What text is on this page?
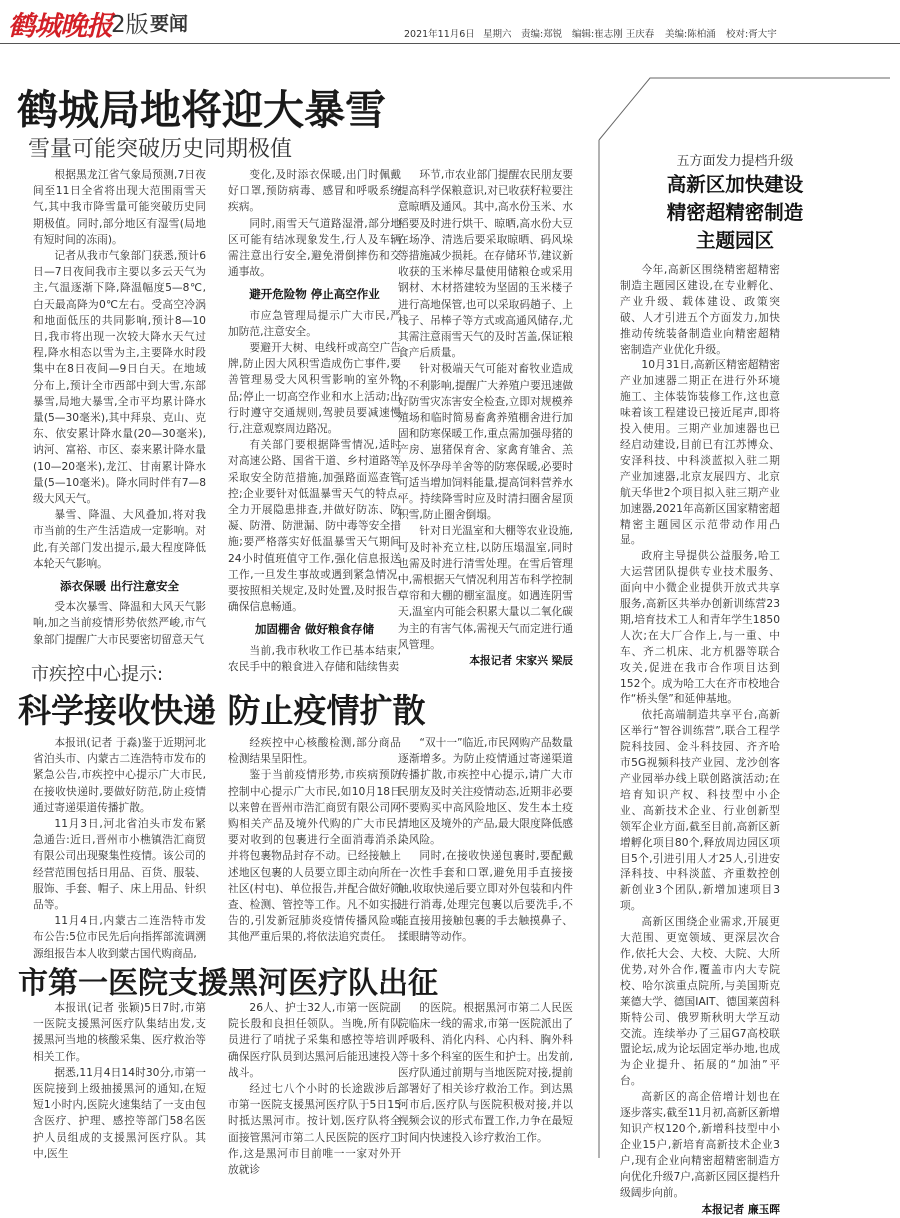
鹤城晚报 2版 要闻	2021年11月6日 星期六 责编:郑锐 编辑:崔志刚 王庆春 美编:陈柏涌 校对:胥大宇
鹤城局地将迎大暴雪
雪量可能突破历史同期极值

根据黑龙江省气象局预测,7日夜间至11日全省将出现大范围雨雪天气,其中我市降雪量可能突破历史同期极值。同时,部分地区有湿雪(局地有短时间的冻雨)。

记者从我市气象部门获悉,预计6日—7日夜间我市主要以多云天气为主,气温逐渐下降,降温幅度5—8℃,白天最高降为0℃左右。受高空冷涡和地面低压的共同影响,预计8—10日,我市将出现一次较大降水天气过程,降水相态以雪为主,主要降水时段集中在8日夜间—9日白天。在地域分布上,预计全市西部中到大雪,东部暴雪,局地大暴雪,全市平均累计降水量(5—30毫米),其中拜泉、克山、克东、依安累计降水量(20—30毫米),讷河、富裕、市区、泰来累计降水量(10—20毫米),龙江、甘南累计降水量(5—10毫米)。降水同时伴有7—8级大风天气。

暴雪、降温、大风叠加,将对我市当前的生产生活造成一定影响。对此,有关部门发出提示,最大程度降低本轮天气影响。

添衣保暖 出行注意安全

受本次暴雪、降温和大风天气影响,加之当前疫情形势依然严峻,市气象部门提醒广大市民要密切留意天气

变化,及时添衣保暖,出门时佩戴好口罩,预防病毒、感冒和呼吸系统疾病。

同时,雨雪天气道路湿滑,部分地区可能有结冰现象发生,行人及车辆需注意出行安全,避免滑倒摔伤和交通事故。

避开危险物 停止高空作业

市应急管理局提示广大市民,严加防范,注意安全。

要避开大树、电线杆或高空广告牌,防止因大风积雪造成伤亡事件,要善管理易受大风积雪影响的室外物品;停止一切高空作业和水上活动;出行时遵守交通规则,驾驶员要减速慢行,注意观察周边路况。

有关部门要根据降雪情况,适时对高速公路、国省干道、乡村道路等采取安全防范措施,加强路面巡查管控;企业要针对低温暴雪天气的特点,全力开展隐患排查,并做好防冻、防凝、防滑、防泄漏、防中毒等安全措施;要严格落实好低温暴雪天气期间24小时值班值守工作,强化信息报送工作,一旦发生事故或遇到紧急情况,要按照相关规定,及时处置,及时报告,确保信息畅通。

加固棚舍 做好粮食存储

当前,我市秋收工作已基本结束,农民手中的粮食进入存储和陆续售卖

环节,市农业部门提醒农民朋友要提高科学保粮意识,对已收获籽粒要注意晾晒及通风。其中,高水份玉米、水稻要及时进行烘干、晾晒,高水份大豆在场净、清选后要采取晾晒、码风垛等措施减少损耗。在存储环节,建议新收获的玉米棒尽量使用储粮仓或采用钢材、木材搭建较为坚固的玉米楼子进行高地保管,也可以采取码趟子、上栈子、吊棒子等方式或高通风储存,尤其需注意雨雪天气的及时苫盖,保证粮食产后质量。

针对极端天气可能对畜牧业造成的不利影响,提醒广大养殖户要迅速做好防雪灾冻害安全检查,立即对规模养殖场和临时简易畜禽养殖棚舍进行加固和防寒保暖工作,重点需加强母猪的产房、崽猪保育舍、家禽育雏舍、羔羊及怀孕母羊舍等的防寒保暖,必要时可适当增加饲料能量,提高饲料营养水平。持续降雪时应及时清扫圈舍屋顶积雪,防止圈舍倒塌。

针对日光温室和大棚等农业设施,可及时补充立柱,以防压塌温室,同时也需及时进行清雪处理。在雪后管理中,需根据天气情况利用苫布科学控制草帘和大棚的棚室温度。如遇连阴雪天,温室内可能会积累大量以二氧化碳为主的有害气体,需视天气而定进行通风管理。

本报记者 宋家兴 梁辰
五方面发力提档升级
高新区加快建设
精密超精密制造
主题园区

今年,高新区围绕精密超精密制造主题园区建设,在专业孵化、产业升级、载体建设、政策突破、人才引进五个方面发力,加快推动传统装备制造业向精密超精密制造产业优化升级。

10月31日,高新区精密超精密产业加速器二期正在进行外环境施工、主体装饰装修工作,这也意味着该工程建设已接近尾声,即将投入使用。三期产业加速器也已经启动建设,目前已有江苏博众、安泽科技、中科淡蓝拟入驻二期产业加速器,北京友展四方、北京航天华世2个项目拟入驻三期产业加速器,2021年高新区国家精密超精密主题园区示范带动作用凸显。

政府主导提供公益服务,哈工大运营团队提供专业技术服务、面向中小微企业提供开放式共享服务,高新区共举办创新训练营23期,培育技术工人和青年学生1850人次;在大厂合作上,与一重、中车、齐二机床、北方机器等联合攻关,促进在我市合作项目达到152个。成为哈工大在齐市校地合作“桥头堡”和延伸基地。

依托高端制造共享平台,高新区举行“智谷训练营”,联合工程学院科技园、金斗科技园、齐齐哈市5G视频科技产业园、龙沙创客产业园举办线上联创路演活动;在培育知识产权、科技型中小企业、高新技术企业、行业创新型领军企业方面,截至目前,高新区新增孵化项目80个,释放周边园区项目5个,引进引用人才25人,引进安泽科技、中科淡蓝、齐重数控创新创业3个团队,新增加速项目3项。

高新区围绕企业需求,开展更大范围、更宽领域、更深层次合作,依托大会、大校、大院、大所优势,对外合作,覆盖市内大专院校、哈尔滨重点院所,与美国斯克莱德大学、德国IAIT、德国莱茵科斯特公司、俄罗斯秋明大学互动交流。连续举办了三届G7高校联盟论坛,成为论坛固定举办地,也成为企业提升、拓展的“加油”平台。

高新区的高企倍增计划也在逐步落实,截至11月初,高新区新增知识产权120个,新增科技型中小企业15户,新培育高新技术企业3户,现有企业向精密超精密制造方向优化升级7户,高新区园区提档升级阔步向前。

本报记者 廉玉晖
市疾控中心提示:
科学接收快递 防止疫情扩散

本报讯(记者 于淼)鉴于近期河北省泊头市、内蒙古二连浩特市发布的紧急公告,市疾控中心提示广大市民,在接收快递时,要做好防范,防止疫情通过寄递渠道传播扩散。

11月3日,河北省泊头市发布紧急通告:近日,晋州市小樵镇浩汇商贸有限公司出现聚集性疫情。该公司的经营范围包括日用品、百货、服装、服饰、手套、帽子、床上用品、针织品等。

11月4日,内蒙古二连浩特市发布公告:5位市民先后向指挥部流调溯源组报告本人收到蒙古国代购商品,

经疾控中心核酸检测,部分商品检测结果呈阳性。

鉴于当前疫情形势,市疾病预防控制中心提示广大市民,如10月18日以来曾在晋州市浩汇商贸有限公司网购相关产品及境外代购的广大市民,要对收到的包裹进行全面消毒消杀,并将包裹物品封存不动。已经接触上述地区包裹的人员要立即主动向所在社区(村屯)、单位报告,并配合做好筛查、检测、管控等工作。凡不如实报告的,引发新冠肺炎疫情传播风险或其他严重后果的,将依法追究责任。

“双十一”临近,市民网购产品数量逐渐增多。为防止疫情通过寄递渠道传播扩散,市疾控中心提示,请广大市民朋友及时关注疫情动态,近期非必要不要购买中高风险地区、发生本土疫情地区及境外的产品,最大限度降低感染风险。

同时,在接收快递包裹时,要配戴一次性手套和口罩,避免用手直接接触,收取快递后要立即对外包装和内件进行消毒,处理完包裹以后要洗手,不能直接用接触包裹的手去触摸鼻子、揉眼睛等动作。

市第一医院支援黑河医疗队出征

本报讯(记者 张颖)5日7时,市第一医院支援黑河医疗队集结出发,支援黑河当地的核酸采集、医疗救治等相关工作。

据悉,11月4日14时30分,市第一医院接到上级抽援黑河的通知,在短短1小时内,医院火速集结了一支由包含医疗、护理、感控等部门58名医护人员组成的支援黑河医疗队。其中,医生

26人、护士32人,市第一医院副院长殷和良担任领队。当晚,所有队员进行了哨扰子采集和感控等培训,确保医疗队员到达黑河后能迅速投入战斗。

经过七八个小时的长途跋涉后,市第一医院支援黑河医疗队于5日15时抵达黑河市。按计划,医疗队将全面接管黑河市第二人民医院的医疗工作,这是黑河市目前唯一一家对外开放就诊

的医院。根据黑河市第二人民医院临床一线的需求,市第一医院派出了呼吸科、消化内科、心内科、胸外科等十多个科室的医生和护士。出发前,医疗队通过前期与当地医院对接,提前部署好了相关诊疗救治工作。到达黑河市后,医疗队与医院积极对接,并以视频会议的形式布置工作,力争在最短时间内快速投入诊疗救治工作。
